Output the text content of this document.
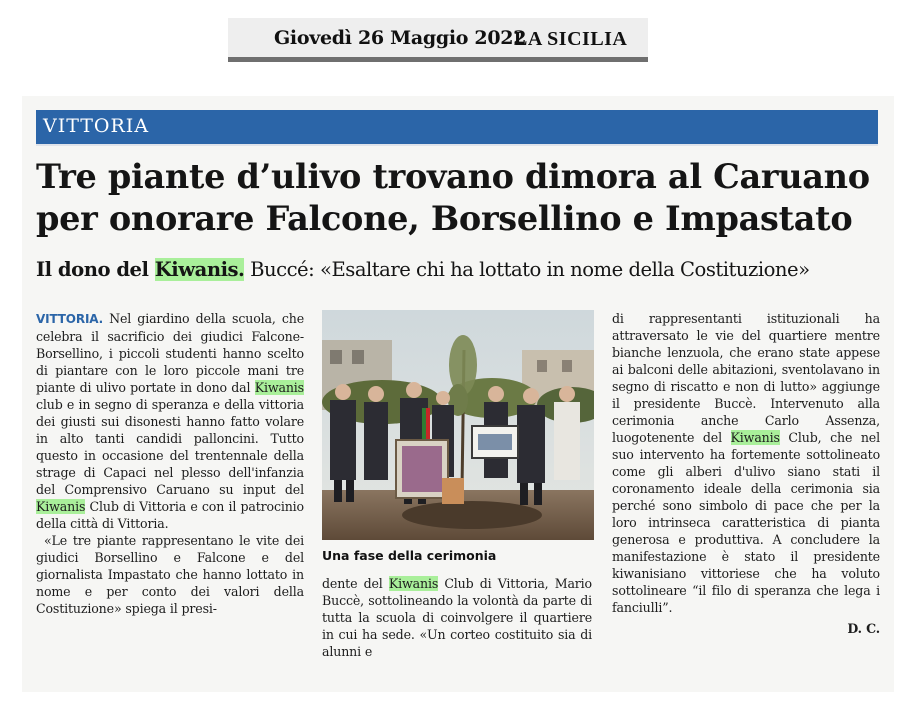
Giovedì 26 Maggio 2022
LA SICILIA
VITTORIA
Tre piante d’ulivo trovano dimora al Caruano
per onorare Falcone, Borsellino e Impastato
Il dono del Kiwanis. Buccé: «Esaltare chi ha lottato in nome della Costituzione»

VITTORIA. Nel giardino della scuola, che celebra il sacrificio dei giudici Falcone-Borsellino, i piccoli studenti hanno scelto di piantare con le loro piccole mani tre piante di ulivo portate in dono dal Kiwanis club e in segno di speranza e della vittoria dei giusti sui disonesti hanno fatto volare in alto tanti candidi palloncini. Tutto questo in occasione del trentennale della strage di Capaci nel plesso dell'infanzia del Comprensivo Caruano su input del Kiwanis Club di Vittoria e con il patrocinio della città di Vittoria.

«Le tre piante rappresentano le vite dei giudici Borsellino e Falcone e del giornalista Impastato che hanno lottato in nome e per conto dei valori della Costituzione» spiega il presi-

Una fase della cerimonia

dente del Kiwanis Club di Vittoria, Mario Buccè, sottolineando la volontà da parte di tutta la scuola di coinvolgere il quartiere in cui ha sede. «Un corteo costituito sia di alunni e

di rappresentanti istituzionali ha attraversato le vie del quartiere mentre bianche lenzuola, che erano state appese ai balconi delle abitazioni, sventolavano in segno di riscatto e non di lutto» aggiunge il presidente Buccè. Intervenuto alla cerimonia anche Carlo Assenza, luogotenente del Kiwanis Club, che nel suo intervento ha fortemente sottolineato come gli alberi d'ulivo siano stati il coronamento ideale della cerimonia sia perché sono simbolo di pace che per la loro intrinseca caratteristica di pianta generosa e produttiva. A concludere la manifestazione è stato il presidente kiwanisiano vittoriese che ha voluto sottolineare “il filo di speranza che lega i fanciulli”.

D. C.
